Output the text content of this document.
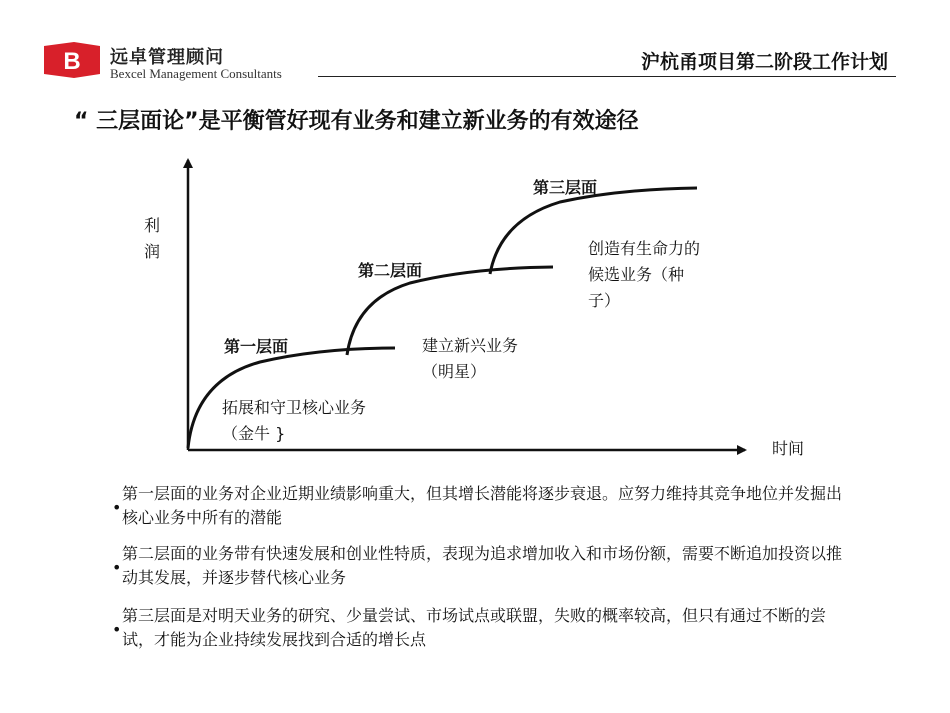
B 远卓管理顾问
Bexcel Management Consultants
沪杭甬项目第二阶段工作计划
“ 三层面论”是平衡管好现有业务和建立新业务的有效途径
利润
时间
第一层面
第二层面
第三层面
拓展和守卫核心业务（金牛 }
建立新兴业务（明星）
创造有生命力的候选业务（种子）
•
第一层面的业务对企业近期业绩影响重大，但其增长潜能将逐步衰退。应努力维持其竞争地位并发掘出核心业务中所有的潜能
•
第二层面的业务带有快速发展和创业性特质，表现为追求增加收入和市场份额，需要不断追加投资以推动其发展，并逐步替代核心业务
•
第三层面是对明天业务的研究、少量尝试、市场试点或联盟，失败的概率较高，但只有通过不断的尝试，才能为企业持续发展找到合适的增长点
